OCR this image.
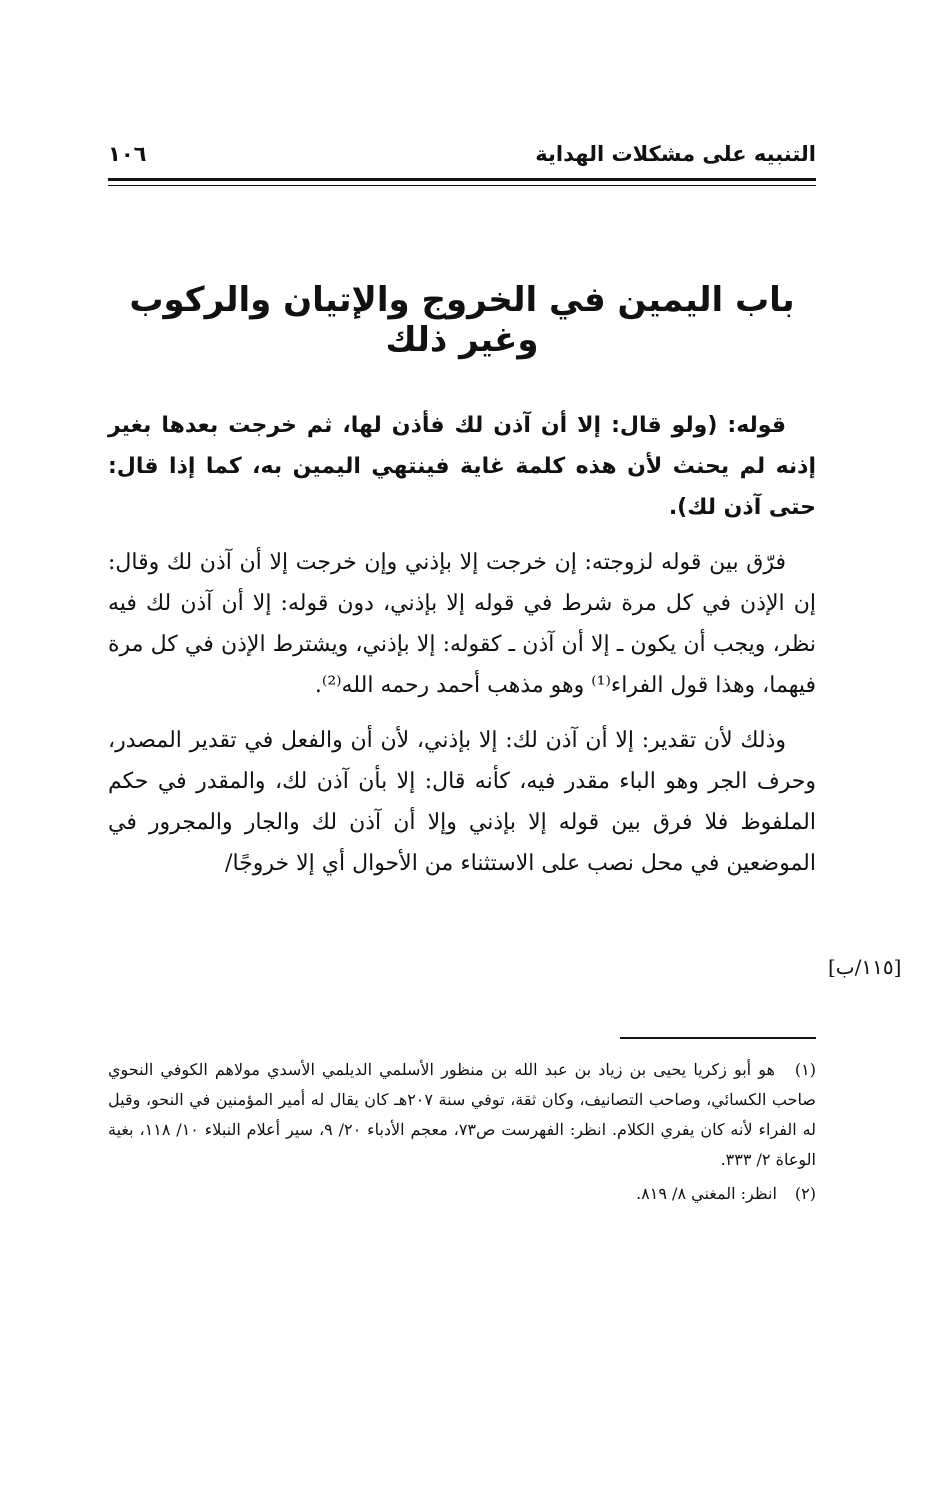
التنبيه على مشكلات الهداية
١٠٦
باب اليمين في الخروج والإتيان والركوب وغير ذلك

قوله: (ولو قال: إلا أن آذن لك فأذن لها، ثم خرجت بعدها بغير إذنه لم يحنث لأن هذه كلمة غاية فينتهي اليمين به، كما إذا قال: حتى آذن لك).

فرّق بين قوله لزوجته: إن خرجت إلا بإذني وإن خرجت إلا أن آذن لك وقال: إن الإذن في كل مرة شرط في قوله إلا بإذني، دون قوله: إلا أن آذن لك فيه نظر، ويجب أن يكون ـ إلا أن آذن ـ كقوله: إلا بإذني، ويشترط الإذن في كل مرة فيهما، وهذا قول الفراء⁽¹⁾ وهو مذهب أحمد رحمه الله⁽²⁾.

وذلك لأن تقدير: إلا أن آذن لك: إلا بإذني، لأن أن والفعل في تقدير المصدر، وحرف الجر وهو الباء مقدر فيه، كأنه قال: إلا بأن آذن لك، والمقدر في حكم الملفوظ فلا فرق بين قوله إلا بإذني وإلا أن آذن لك والجار والمجرور في الموضعين في محل نصب على الاستثناء من الأحوال أي إلا خروجًا/

[١١٥/ب]
(١) هو أبو زكريا يحيى بن زياد بن عبد الله بن منظور الأسلمي الديلمي الأسدي مولاهم الكوفي النحوي صاحب الكسائي، وصاحب التصانيف، وكان ثقة، توفي سنة ٢٠٧هـ كان يقال له أمير المؤمنين في النحو، وقيل له الفراء لأنه كان يفري الكلام. انظر: الفهرست ص٧٣، معجم الأدباء ٢٠/ ٩، سير أعلام النبلاء ١٠/ ١١٨، بغية الوعاة ٢/ ٣٣٣.
(٢) انظر: المغني ٨/ ٨١٩.
